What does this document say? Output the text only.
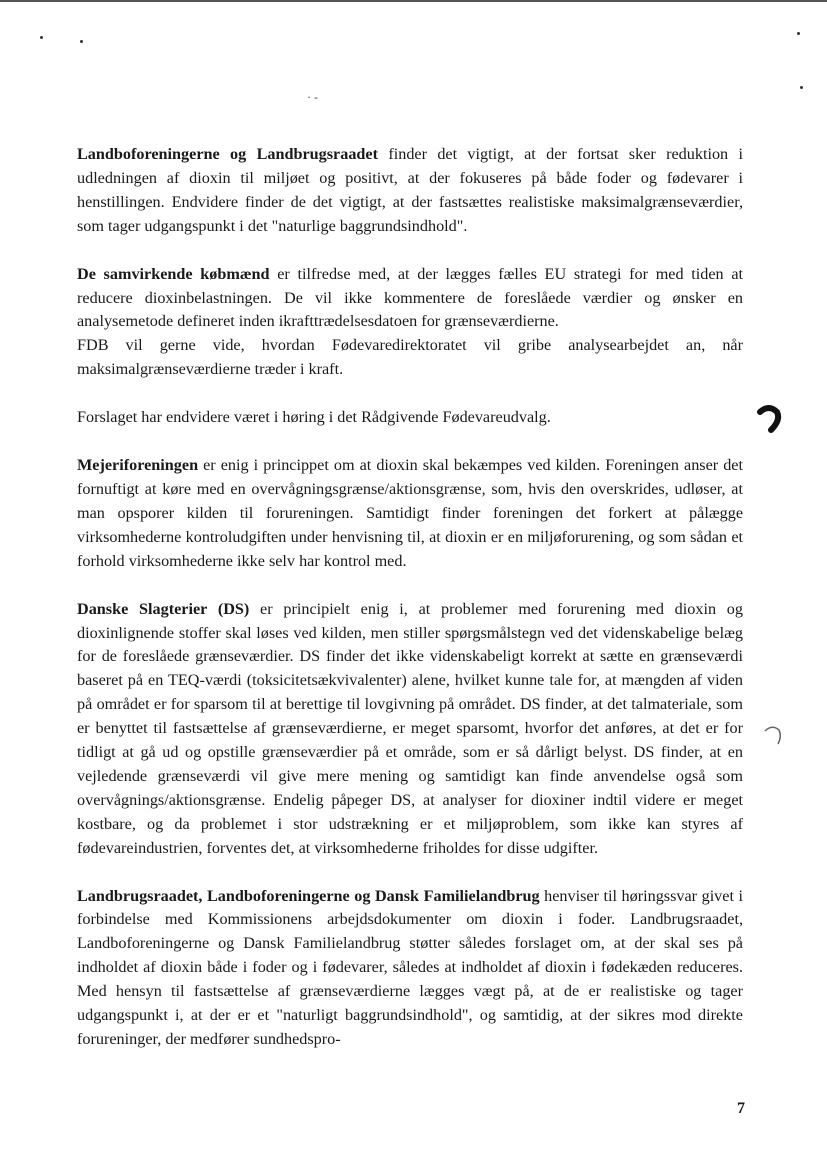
· -

Landboforeningerne og Landbrugsraadet finder det vigtigt, at der fortsat sker reduktion i udledningen af dioxin til miljøet og positivt, at der fokuseres på både foder og fødevarer i henstillingen. Endvidere finder de det vigtigt, at der fastsættes realistiske maksimalgrænseværdier, som tager udgangspunkt i det "naturlige baggrundsindhold".

De samvirkende købmænd er tilfredse med, at der lægges fælles EU strategi for med tiden at reducere dioxinbelastningen. De vil ikke kommentere de foreslåede værdier og ønsker en analysemetode defineret inden ikrafttrædelsesdatoen for grænseværdierne.
FDB vil gerne vide, hvordan Fødevaredirektoratet vil gribe analysearbejdet an, når maksimalgrænseværdierne træder i kraft.

Forslaget har endvidere været i høring i det Rådgivende Fødevareudvalg.

Mejeriforeningen er enig i princippet om at dioxin skal bekæmpes ved kilden. Foreningen anser det fornuftigt at køre med en overvågningsgrænse/aktionsgrænse, som, hvis den overskrides, udløser, at man opsporer kilden til forureningen. Samtidigt finder foreningen det forkert at pålægge virksomhederne kontroludgiften under henvisning til, at dioxin er en miljøforurening, og som sådan et forhold virksomhederne ikke selv har kontrol med.

Danske Slagterier (DS) er principielt enig i, at problemer med forurening med dioxin og dioxinlignende stoffer skal løses ved kilden, men stiller spørgsmålstegn ved det videnskabelige belæg for de foreslåede grænseværdier. DS finder det ikke videnskabeligt korrekt at sætte en grænseværdi baseret på en TEQ-værdi (toksicitetsækvivalenter) alene, hvilket kunne tale for, at mængden af viden på området er for sparsom til at berettige til lovgivning på området. DS finder, at det talmateriale, som er benyttet til fastsættelse af grænseværdierne, er meget sparsomt, hvorfor det anføres, at det er for tidligt at gå ud og opstille grænseværdier på et område, som er så dårligt belyst. DS finder, at en vejledende grænseværdi vil give mere mening og samtidigt kan finde anvendelse også som overvågnings/aktionsgrænse. Endelig påpeger DS, at analyser for dioxiner indtil videre er meget kostbare, og da problemet i stor udstrækning er et miljøproblem, som ikke kan styres af fødevareindustrien, forventes det, at virksomhederne friholdes for disse udgifter.

Landbrugsraadet, Landboforeningerne og Dansk Familielandbrug henviser til høringssvar givet i forbindelse med Kommissionens arbejdsdokumenter om dioxin i foder. Landbrugsraadet, Landboforeningerne og Dansk Familielandbrug støtter således forslaget om, at der skal ses på indholdet af dioxin både i foder og i fødevarer, således at indholdet af dioxin i fødekæden reduceres. Med hensyn til fastsættelse af grænseværdierne lægges vægt på, at de er realistiske og tager udgangspunkt i, at der er et "naturligt baggrundsindhold", og samtidig, at der sikres mod direkte forureninger, der medfører sundhedspro-

7
